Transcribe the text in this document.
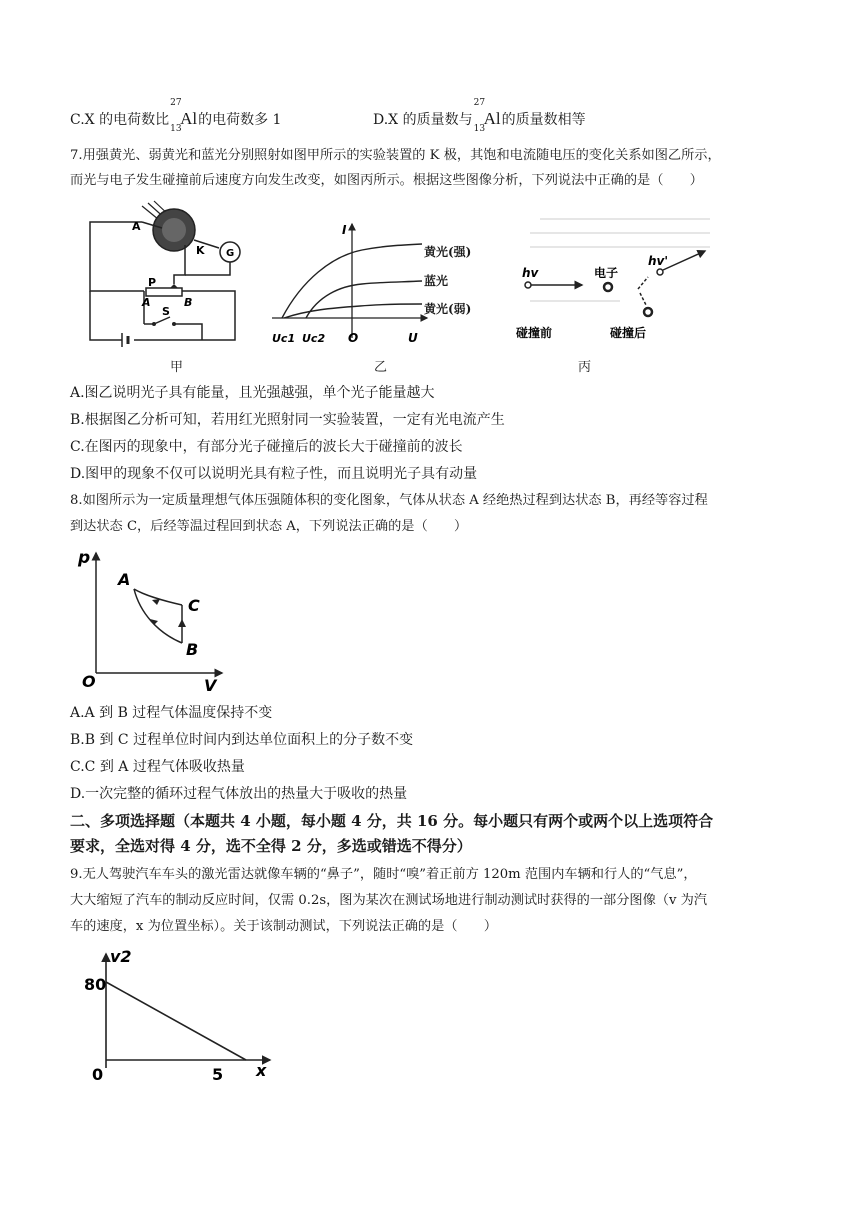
C.X 的电荷数比
27
13
Al的电荷数多 1	D.X 的质量数与
27
13
Al的质量数相等
7.用强黄光、弱黄光和蓝光分别照射如图甲所示的实验装置的 K 极，其饱和电流随电压的变化关系如图乙所示，
而光与电子发生碰撞前后速度方向发生改变，如图丙所示。根据这些图像分析，下列说法中正确的是（　　）
A
K G
P
A	B
S
甲
I
O	U
Uc1 Uc2
黄光(强)
蓝光
黄光(弱)
乙
hv	电子
hv'
碰撞前	碰撞后
丙
A.图乙说明光子具有能量，且光强越强，单个光子能量越大
B.根据图乙分析可知，若用红光照射同一实验装置，一定有光电流产生
C.在图丙的现象中，有部分光子碰撞后的波长大于碰撞前的波长
D.图甲的现象不仅可以说明光具有粒子性，而且说明光子具有动量
8.如图所示为一定质量理想气体压强随体积的变化图象，气体从状态 A 经绝热过程到达状态 B，再经等容过程
到达状态 C，后经等温过程回到状态 A，下列说法正确的是（　　）
p
O	V
A
C
B
A.A 到 B 过程气体温度保持不变
B.B 到 C 过程单位时间内到达单位面积上的分子数不变
C.C 到 A 过程气体吸收热量
D.一次完整的循环过程气体放出的热量大于吸收的热量
二、多项选择题（本题共 4 小题，每小题 4 分，共 16 分。每小题只有两个或两个以上选项符合
要求，全选对得 4 分，选不全得 2 分，多选或错选不得分）
9.无人驾驶汽车车头的激光雷达就像车辆的“鼻子”，随时“嗅”着正前方 120m 范围内车辆和行人的“气息”，
大大缩短了汽车的制动反应时间，仅需 0.2s，图为某次在测试场地进行制动测试时获得的一部分图像（v 为汽
车的速度，x 为位置坐标）。关于该制动测试，下列说法正确的是（　　）
v2
x
80
0	5
